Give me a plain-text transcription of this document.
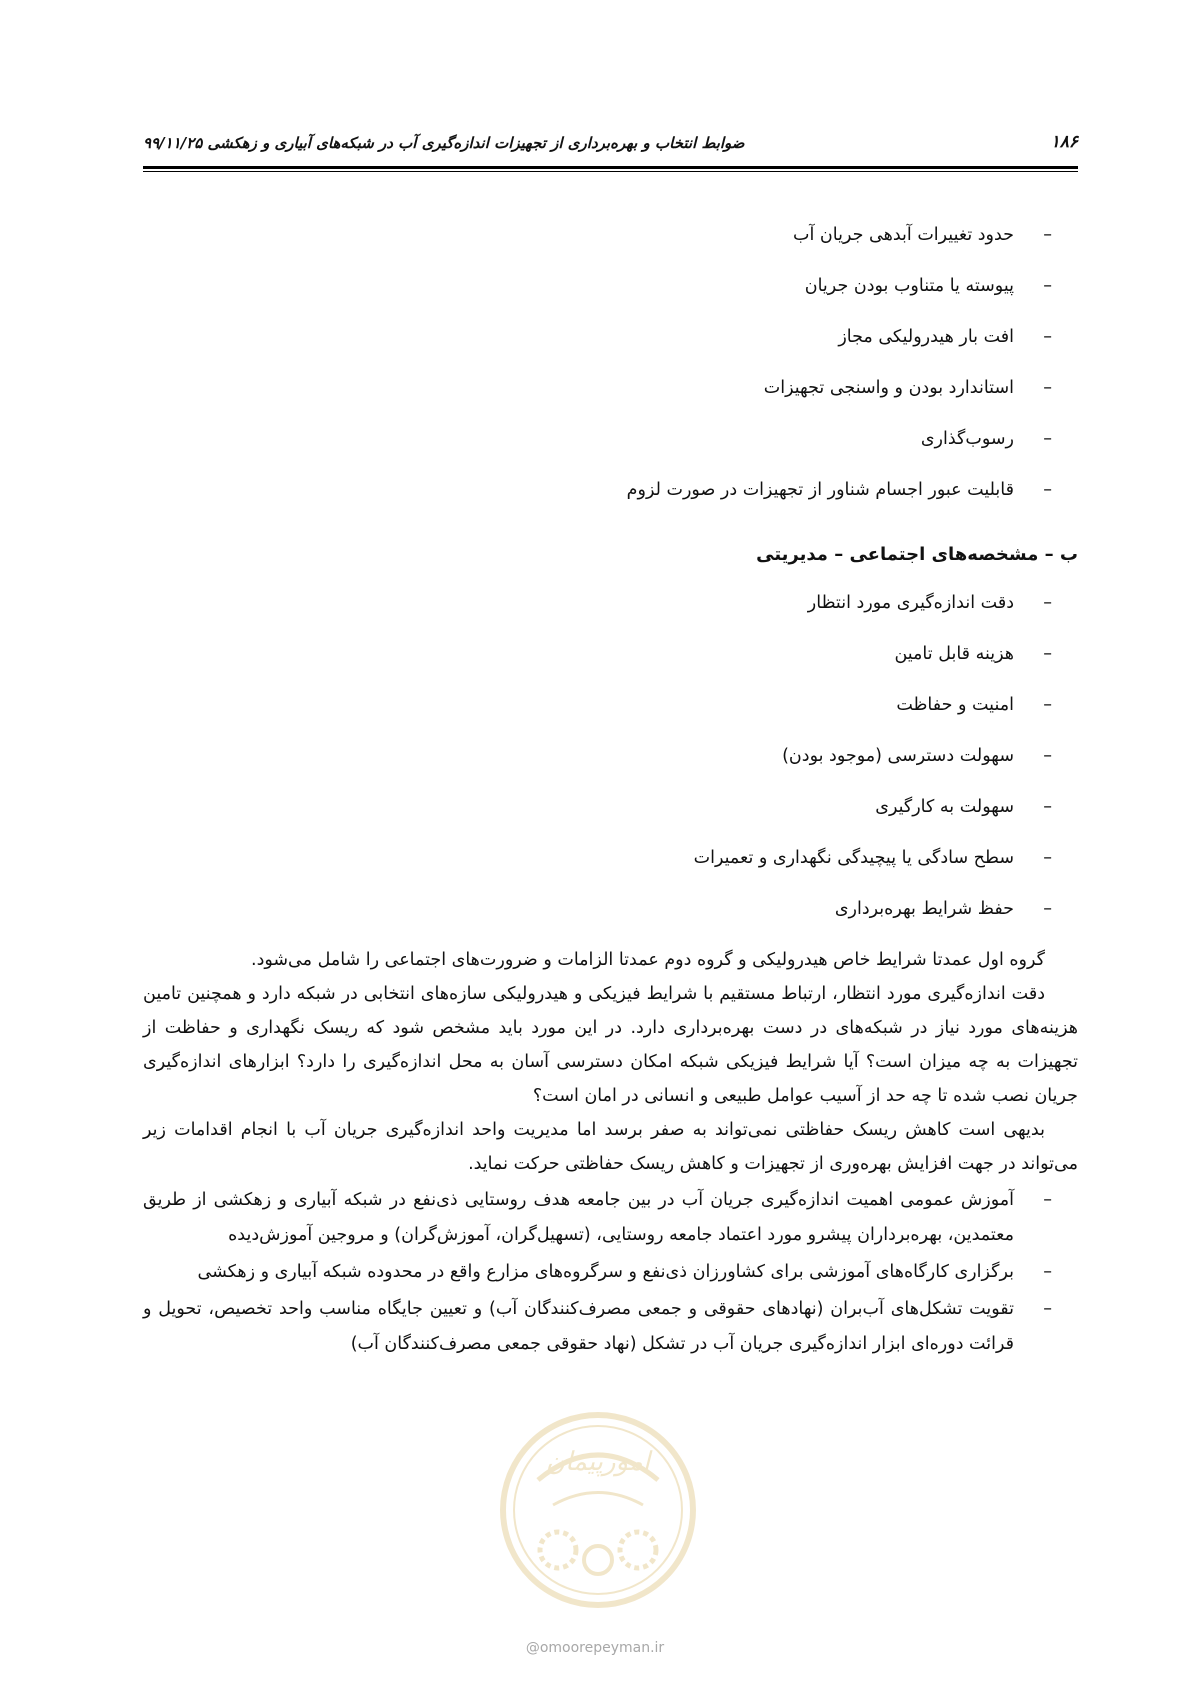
۱۸۶
ضوابط انتخاب و بهره‌برداری از تجهیزات اندازه‌گیری آب در شبکه‌های آبیاری و زهکشی ۹۹/۱۱/۲۵
–
حدود تغییرات آبدهی جریان آب
–
پیوسته یا متناوب بودن جریان
–
افت بار هیدرولیکی مجاز
–
استاندارد بودن و واسنجی تجهیزات
–
رسوب‌گذاری
–
قابلیت عبور اجسام شناور از تجهیزات در صورت لزوم
ب – مشخصه‌های اجتماعی – مدیریتی
–
دقت اندازه‌گیری مورد انتظار
–
هزینه قابل تامین
–
امنیت و حفاظت
–
سهولت دسترسی (موجود بودن)
–
سهولت به کارگیری
–
سطح سادگی یا پیچیدگی نگهداری و تعمیرات
–
حفظ شرایط بهره‌برداری

گروه اول عمدتا شرایط خاص هیدرولیکی و گروه دوم عمدتا الزامات و ضرورت‌های اجتماعی را شامل می‌شود.

دقت اندازه‌گیری مورد انتظار، ارتباط مستقیم با شرایط فیزیکی و هیدرولیکی سازه‌های انتخابی در شبکه دارد و همچنین تامین هزینه‌های مورد نیاز در شبکه‌های در دست بهره‌برداری دارد. در این مورد باید مشخص شود که ریسک نگهداری و حفاظت از تجهیزات به چه میزان است؟ آیا شرایط فیزیکی شبکه امکان دسترسی آسان به محل اندازه‌گیری را دارد؟ ابزارهای اندازه‌گیری جریان نصب شده تا چه حد از آسیب عوامل طبیعی و انسانی در امان است؟

بدیهی است کاهش ریسک حفاظتی نمی‌تواند به صفر برسد اما مدیریت واحد اندازه‌گیری جریان آب با انجام اقدامات زیر می‌تواند در جهت افزایش بهره‌وری از تجهیزات و کاهش ریسک حفاظتی حرکت نماید.

–
آموزش عمومی اهمیت اندازه‌گیری جریان آب در بین جامعه هدف روستایی ذی‌نفع در شبکه آبیاری و زهکشی از طریق معتمدین، بهره‌برداران پیشرو مورد اعتماد جامعه روستایی، (تسهیل‌گران، آموزش‌گران) و مروجین آموزش‌دیده
–
برگزاری کارگاه‌های آموزشی برای کشاورزان ذی‌نفع و سرگروه‌های مزارع واقع در محدوده شبکه آبیاری و زهکشی
–
تقویت تشکل‌های آب‌بران (نهادهای حقوقی و جمعی مصرف‌کنندگان آب) و تعیین جایگاه مناسب واحد تخصیص، تحویل و قرائت دوره‌ای ابزار اندازه‌گیری جریان آب در تشکل (نهاد حقوقی جمعی مصرف‌کنندگان آب)
امورپیمان
@omoorepeyman.ir
